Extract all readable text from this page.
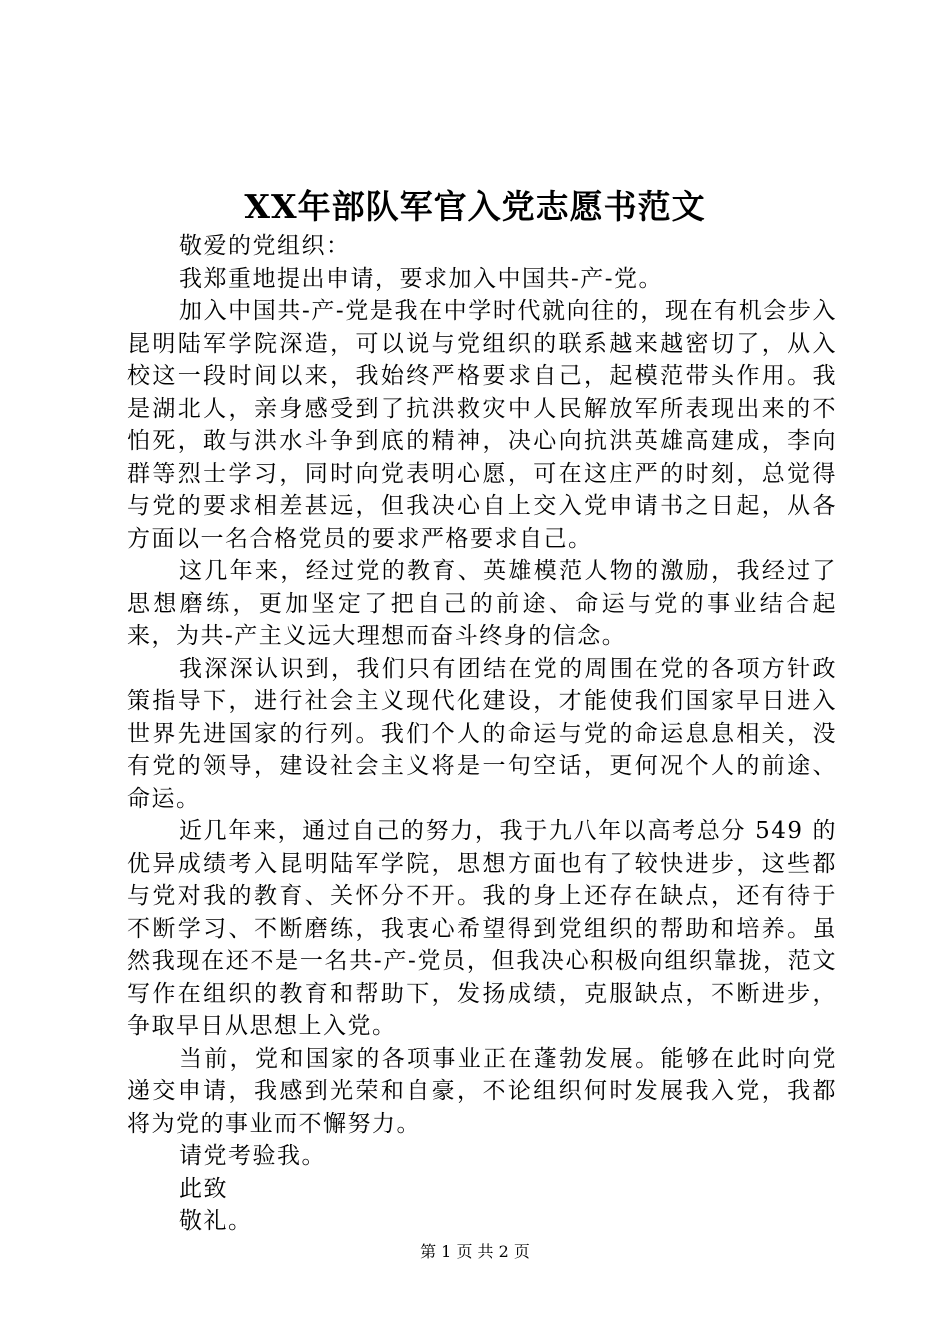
XX年部队军官入党志愿书范文

敬爱的党组织：

我郑重地提出申请，要求加入中国共-产-党。

加入中国共-产-党是我在中学时代就向往的，现在有机会步入昆明陆军学院深造，可以说与党组织的联系越来越密切了，从入校这一段时间以来，我始终严格要求自己，起模范带头作用。我是湖北人，亲身感受到了抗洪救灾中人民解放军所表现出来的不怕死，敢与洪水斗争到底的精神，决心向抗洪英雄高建成，李向群等烈士学习，同时向党表明心愿，可在这庄严的时刻，总觉得与党的要求相差甚远，但我决心自上交入党申请书之日起，从各方面以一名合格党员的要求严格要求自己。

这几年来，经过党的教育、英雄模范人物的激励，我经过了思想磨练，更加坚定了把自己的前途、命运与党的事业结合起来，为共-产主义远大理想而奋斗终身的信念。

我深深认识到，我们只有团结在党的周围在党的各项方针政策指导下，进行社会主义现代化建设，才能使我们国家早日进入世界先进国家的行列。我们个人的命运与党的命运息息相关，没有党的领导，建设社会主义将是一句空话，更何况个人的前途、命运。

近几年来，通过自己的努力，我于九八年以高考总分 549 的优异成绩考入昆明陆军学院，思想方面也有了较快进步，这些都与党对我的教育、关怀分不开。我的身上还存在缺点，还有待于不断学习、不断磨练，我衷心希望得到党组织的帮助和培养。虽然我现在还不是一名共-产-党员，但我决心积极向组织靠拢，范文写作在组织的教育和帮助下，发扬成绩，克服缺点，不断进步，争取早日从思想上入党。

当前，党和国家的各项事业正在蓬勃发展。能够在此时向党递交申请，我感到光荣和自豪，不论组织何时发展我入党，我都将为党的事业而不懈努力。

请党考验我。

此致

敬礼。

第 1 页 共 2 页
